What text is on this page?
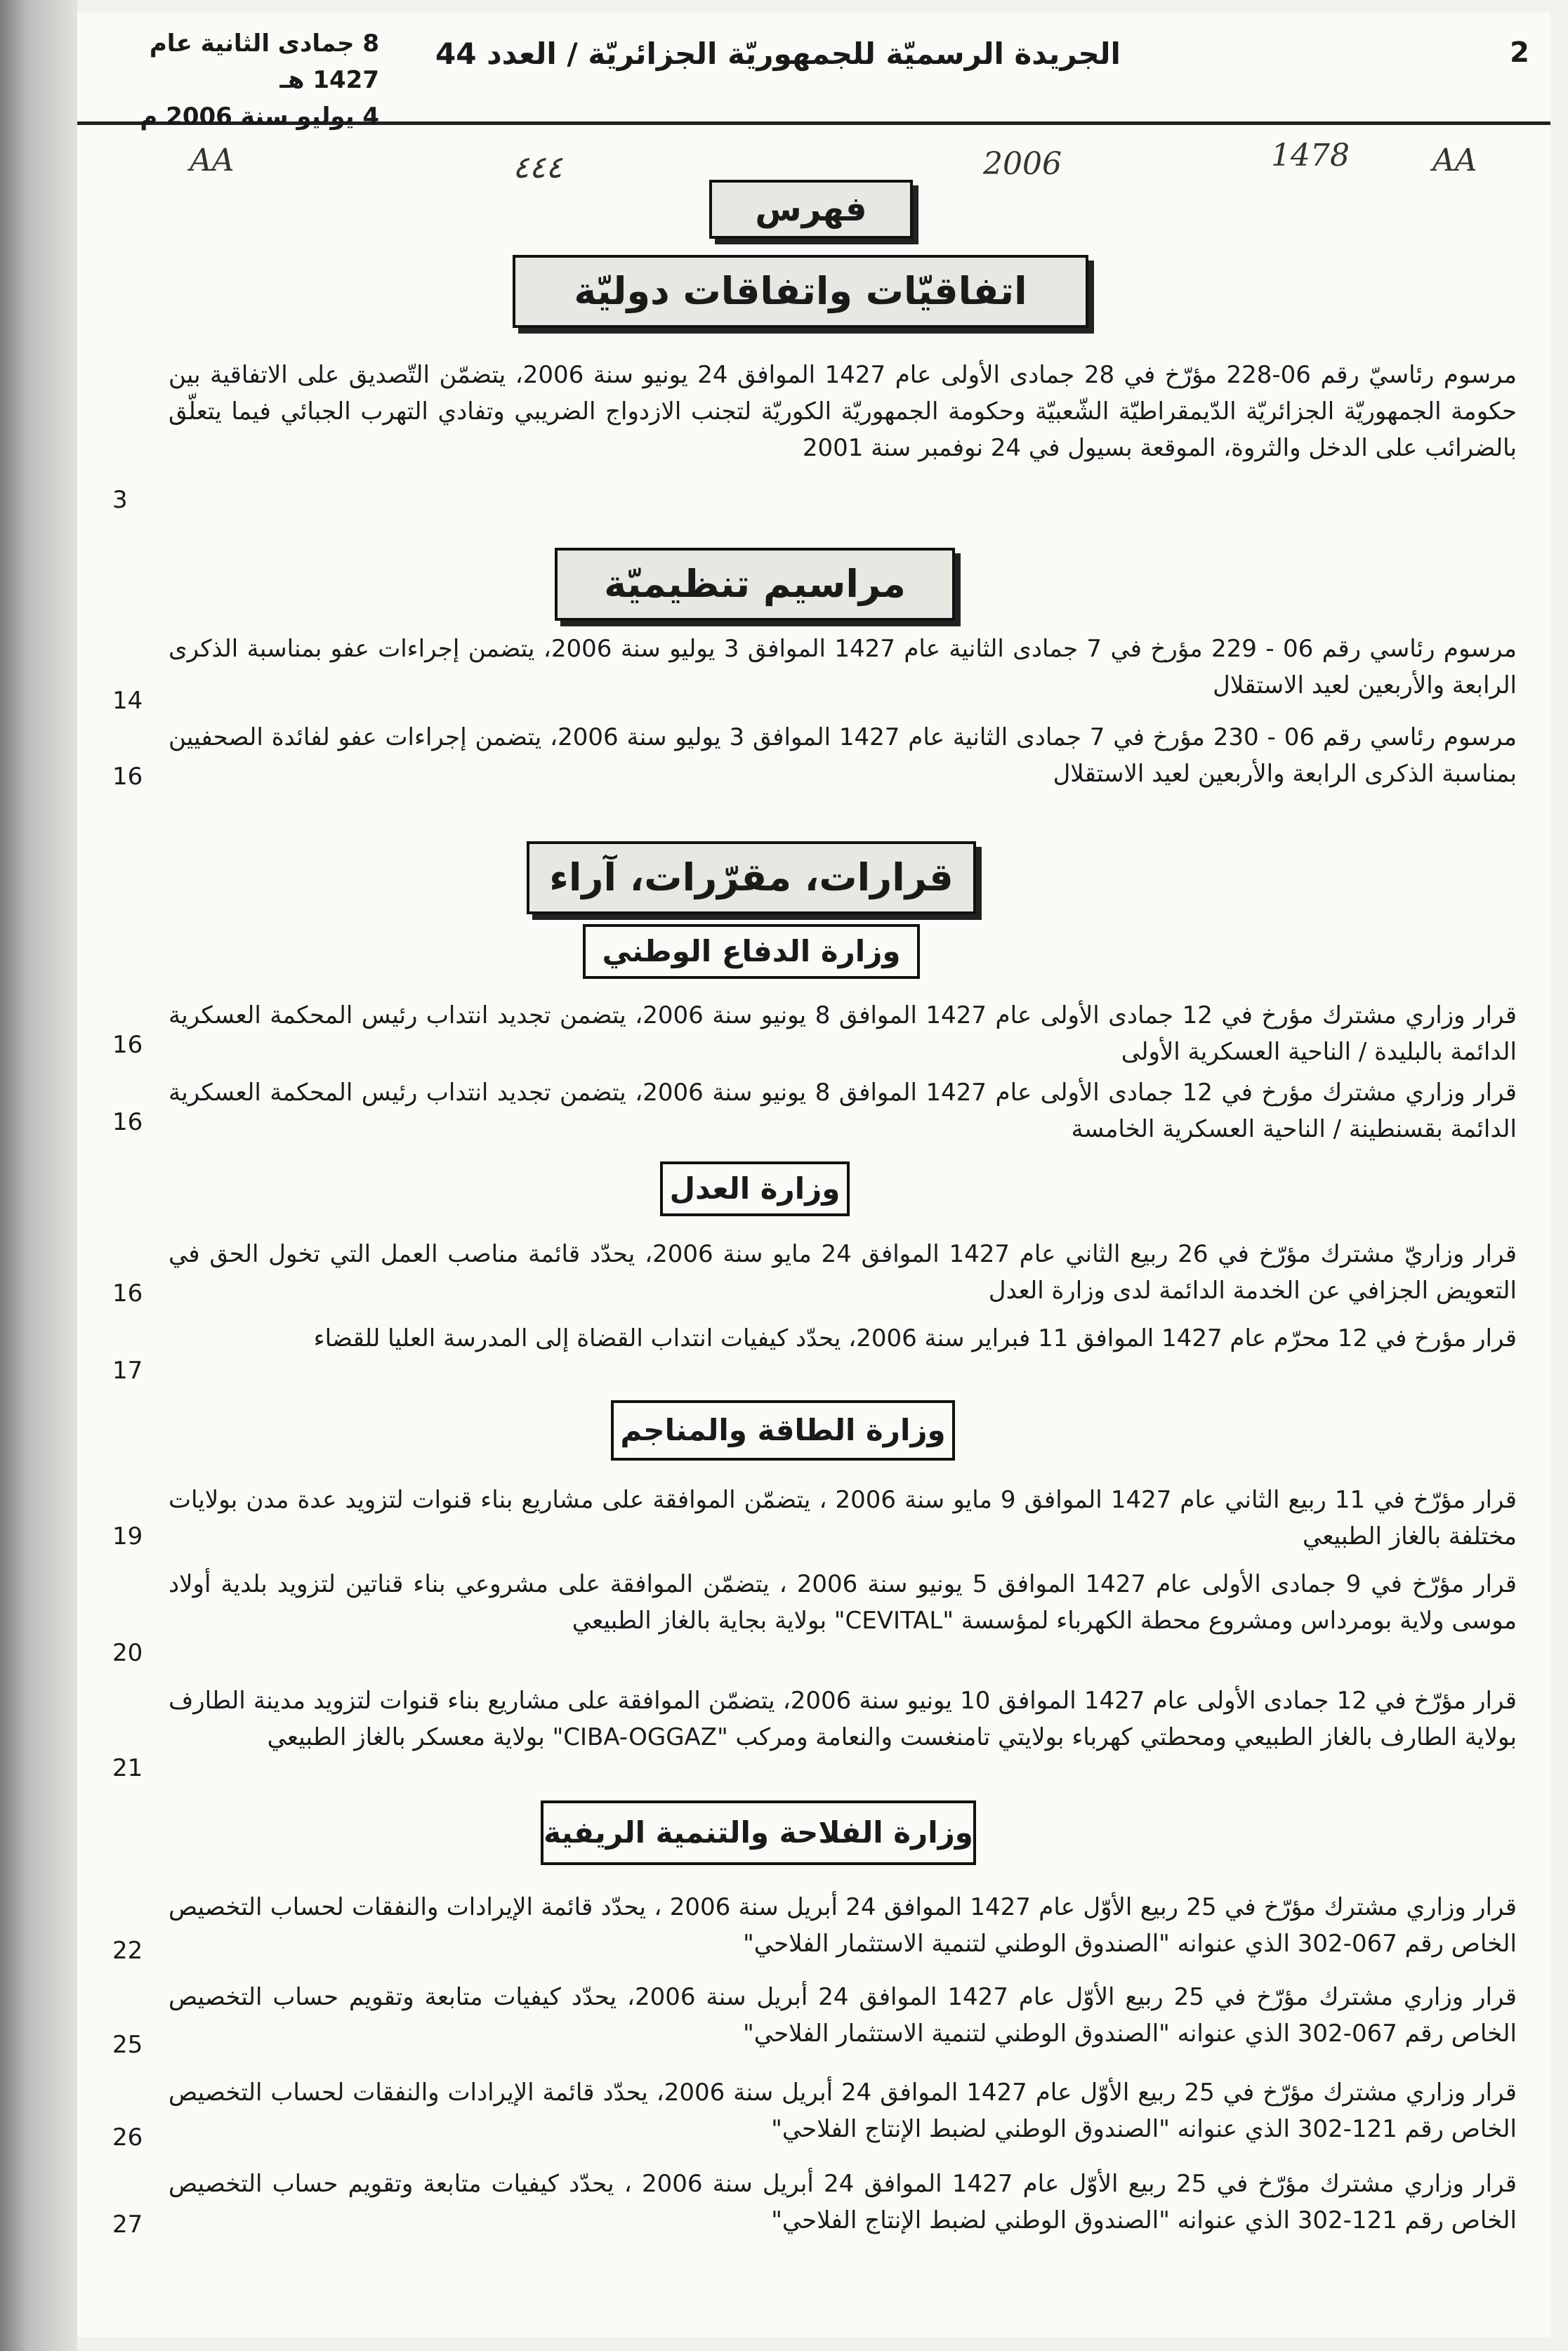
2
الجريدة الرسميّة للجمهوريّة الجزائريّة / العدد 44
8 جمادى الثانية عام 1427 هـ
4 يوليو سنة 2006 م
AA	٤٤٤	2006	1478	AA
فهرس
اتفاقيّات واتفاقات دوليّة

مرسوم رئاسيّ رقم 06-228 مؤرّخ في 28 جمادى الأولى عام 1427 الموافق 24 يونيو سنة 2006، يتضمّن التّصديق على الاتفاقية بين حكومة الجمهوريّة الجزائريّة الدّيمقراطيّة الشّعبيّة وحكومة الجمهوريّة الكوريّة لتجنب الازدواج الضريبي وتفادي التهرب الجبائي فيما يتعلّق بالضرائب على الدخل والثروة، الموقعة بسيول في 24 نوفمبر سنة 2001

3
مراسيم تنظيميّة

مرسوم رئاسي رقم 06 - 229 مؤرخ في 7 جمادى الثانية عام 1427 الموافق 3 يوليو سنة 2006، يتضمن إجراءات عفو بمناسبة الذكرى الرابعة والأربعين لعيد الاستقلال

14

مرسوم رئاسي رقم 06 - 230 مؤرخ في 7 جمادى الثانية عام 1427 الموافق 3 يوليو سنة 2006، يتضمن إجراءات عفو لفائدة الصحفيين بمناسبة الذكرى الرابعة والأربعين لعيد الاستقلال

16
قرارات، مقرّرات، آراء
وزارة الدفاع الوطني

قرار وزاري مشترك مؤرخ في 12 جمادى الأولى عام 1427 الموافق 8 يونيو سنة 2006، يتضمن تجديد انتداب رئيس المحكمة العسكرية الدائمة بالبليدة / الناحية العسكرية الأولى

16

قرار وزاري مشترك مؤرخ في 12 جمادى الأولى عام 1427 الموافق 8 يونيو سنة 2006، يتضمن تجديد انتداب رئيس المحكمة العسكرية الدائمة بقسنطينة / الناحية العسكرية الخامسة

16
وزارة العدل

قرار وزاريّ مشترك مؤرّخ في 26 ربيع الثاني عام 1427 الموافق 24 مايو سنة 2006، يحدّد قائمة مناصب العمل التي تخول الحق في التعويض الجزافي عن الخدمة الدائمة لدى وزارة العدل

16

قرار مؤرخ في 12 محرّم عام 1427 الموافق 11 فبراير سنة 2006، يحدّد كيفيات انتداب القضاة إلى المدرسة العليا للقضاء

17
وزارة الطاقة والمناجم

قرار مؤرّخ في 11 ربيع الثاني عام 1427 الموافق 9 مايو سنة 2006 ، يتضمّن الموافقة على مشاريع بناء قنوات لتزويد عدة مدن بولايات مختلفة بالغاز الطبيعي

19

قرار مؤرّخ في 9 جمادى الأولى عام 1427 الموافق 5 يونيو سنة 2006 ، يتضمّن الموافقة على مشروعي بناء قناتين لتزويد بلدية أولاد موسى ولاية بومرداس ومشروع محطة الكهرباء لمؤسسة "CEVITAL" بولاية بجاية بالغاز الطبيعي

20

قرار مؤرّخ في 12 جمادى الأولى عام 1427 الموافق 10 يونيو سنة 2006، يتضمّن الموافقة على مشاريع بناء قنوات لتزويد مدينة الطارف بولاية الطارف بالغاز الطبيعي ومحطتي كهرباء بولايتي تامنغست والنعامة ومركب "CIBA-OGGAZ" بولاية معسكر بالغاز الطبيعي

21
وزارة الفلاحة والتنمية الريفية

قرار وزاري مشترك مؤرّخ في 25 ربيع الأوّل عام 1427 الموافق 24 أبريل سنة 2006 ، يحدّد قائمة الإيرادات والنفقات لحساب التخصيص الخاص رقم 067-302 الذي عنوانه "الصندوق الوطني لتنمية الاستثمار الفلاحي"

22

قرار وزاري مشترك مؤرّخ في 25 ربيع الأوّل عام 1427 الموافق 24 أبريل سنة 2006، يحدّد كيفيات متابعة وتقويم حساب التخصيص الخاص رقم 067-302 الذي عنوانه "الصندوق الوطني لتنمية الاستثمار الفلاحي"

25

قرار وزاري مشترك مؤرّخ في 25 ربيع الأوّل عام 1427 الموافق 24 أبريل سنة 2006، يحدّد قائمة الإيرادات والنفقات لحساب التخصيص الخاص رقم 121-302 الذي عنوانه "الصندوق الوطني لضبط الإنتاج الفلاحي"

26

قرار وزاري مشترك مؤرّخ في 25 ربيع الأوّل عام 1427 الموافق 24 أبريل سنة 2006 ، يحدّد كيفيات متابعة وتقويم حساب التخصيص الخاص رقم 121-302 الذي عنوانه "الصندوق الوطني لضبط الإنتاج الفلاحي"

27
